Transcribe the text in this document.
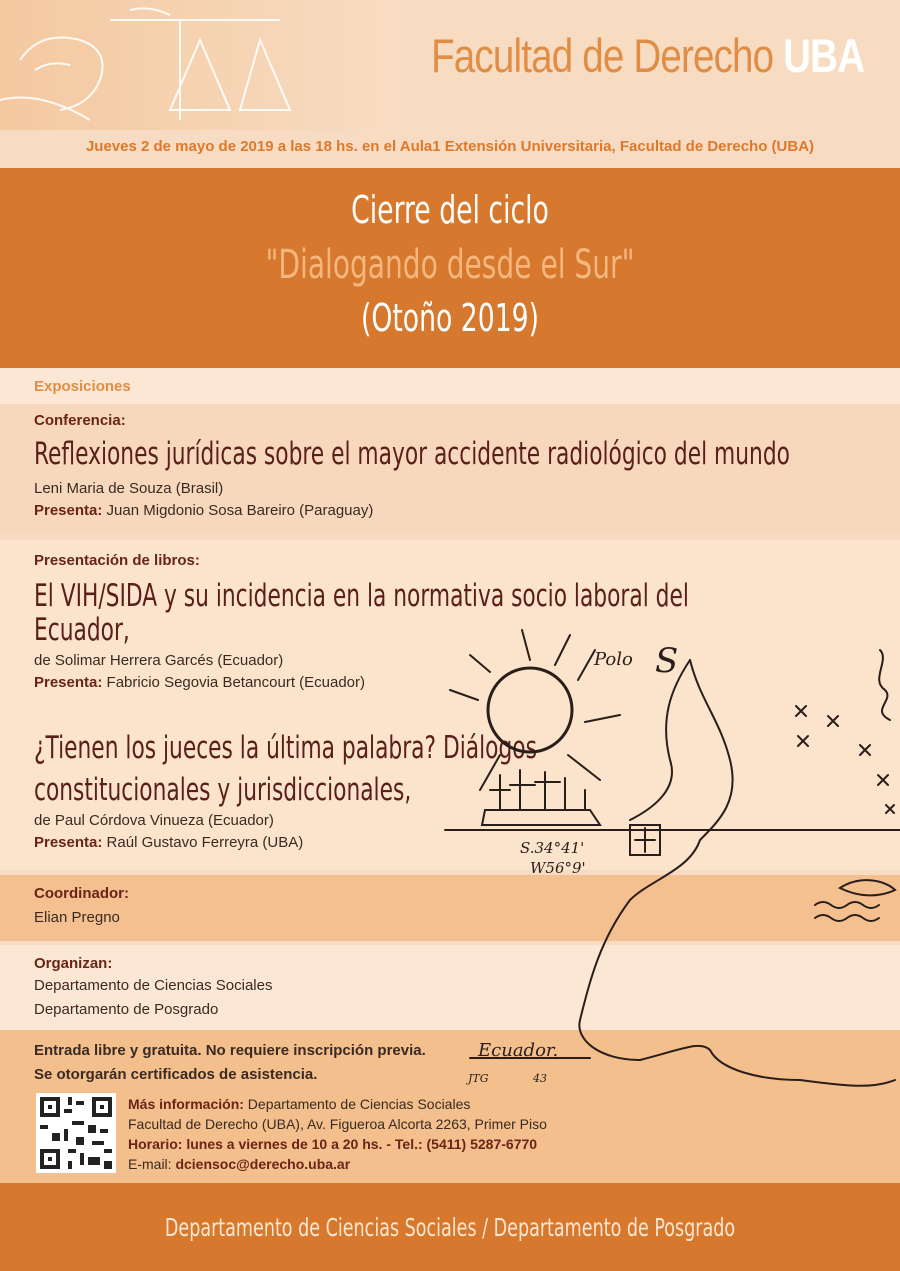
Facultad de Derecho UBA
Jueves 2 de mayo de 2019 a las 18 hs. en el Aula1 Extensión Universitaria, Facultad de Derecho (UBA)
Cierre del ciclo
"Dialogando desde el Sur"
(Otoño 2019)
Exposiciones
Conferencia:
Reflexiones jurídicas sobre el mayor accidente radiológico del mundo
Leni Maria de Souza (Brasil)
Presenta: Juan Migdonio Sosa Bareiro (Paraguay)
Presentación de libros:
El VIH/SIDA y su incidencia en la normativa socio laboral del
Ecuador,
de Solimar Herrera Garcés (Ecuador)
Presenta: Fabricio Segovia Betancourt (Ecuador)
¿Tienen los jueces la última palabra? Diálogos
constitucionales y jurisdiccionales,
de Paul Córdova Vinueza (Ecuador)
Presenta: Raúl Gustavo Ferreyra (UBA)
Coordinador:
Elian Pregno
Organizan:
Departamento de Ciencias Sociales
Departamento de Posgrado
Entrada libre y gratuita. No requiere inscripción previa.
Se otorgarán certificados de asistencia.
Más información: Departamento de Ciencias Sociales
Facultad de Derecho (UBA), Av. Figueroa Alcorta 2263, Primer Piso
Horario: lunes a viernes de 10 a 20 hs. - Tel.: (5411) 5287-6770
E-mail: dciensoc@derecho.uba.ar
Polo S
S.34°41'
W56°9'
Ecuador.
JTG	43
Departamento de Ciencias Sociales / Departamento de Posgrado
